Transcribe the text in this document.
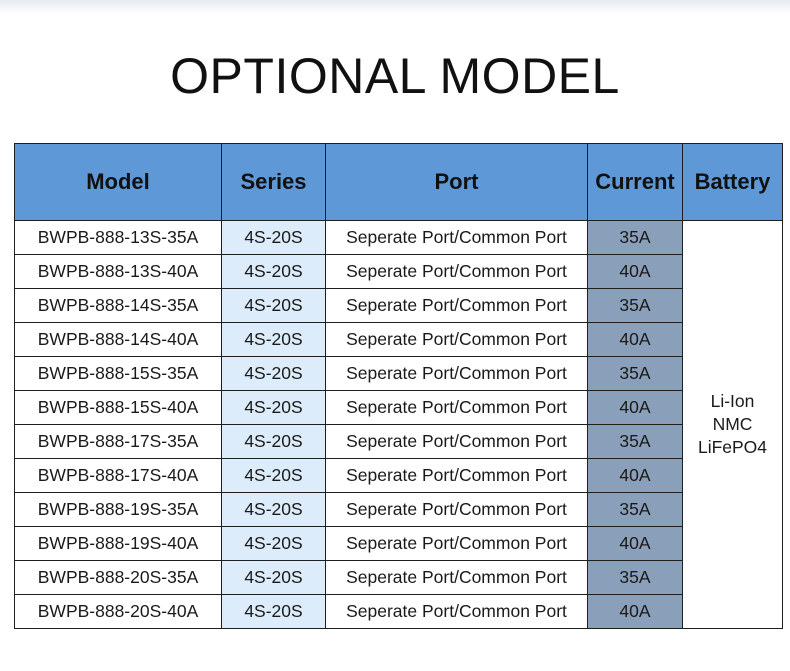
OPTIONAL MODEL
Model	Series	Port	Current	Battery
BWPB-888-13S-35A	4S-20S	Seperate Port/Common Port	35A	Li-Ion
NMC
LiFePO4

BWPB-888-13S-40A	4S-20S	Seperate Port/Common Port	40A	
BWPB-888-14S-35A	4S-20S	Seperate Port/Common Port	35A	
BWPB-888-14S-40A	4S-20S	Seperate Port/Common Port	40A	
BWPB-888-15S-35A	4S-20S	Seperate Port/Common Port	35A	
BWPB-888-15S-40A	4S-20S	Seperate Port/Common Port	40A	
BWPB-888-17S-35A	4S-20S	Seperate Port/Common Port	35A	
BWPB-888-17S-40A	4S-20S	Seperate Port/Common Port	40A	
BWPB-888-19S-35A	4S-20S	Seperate Port/Common Port	35A	
BWPB-888-19S-40A	4S-20S	Seperate Port/Common Port	40A	
BWPB-888-20S-35A	4S-20S	Seperate Port/Common Port	35A	
BWPB-888-20S-40A	4S-20S	Seperate Port/Common Port	40A	
